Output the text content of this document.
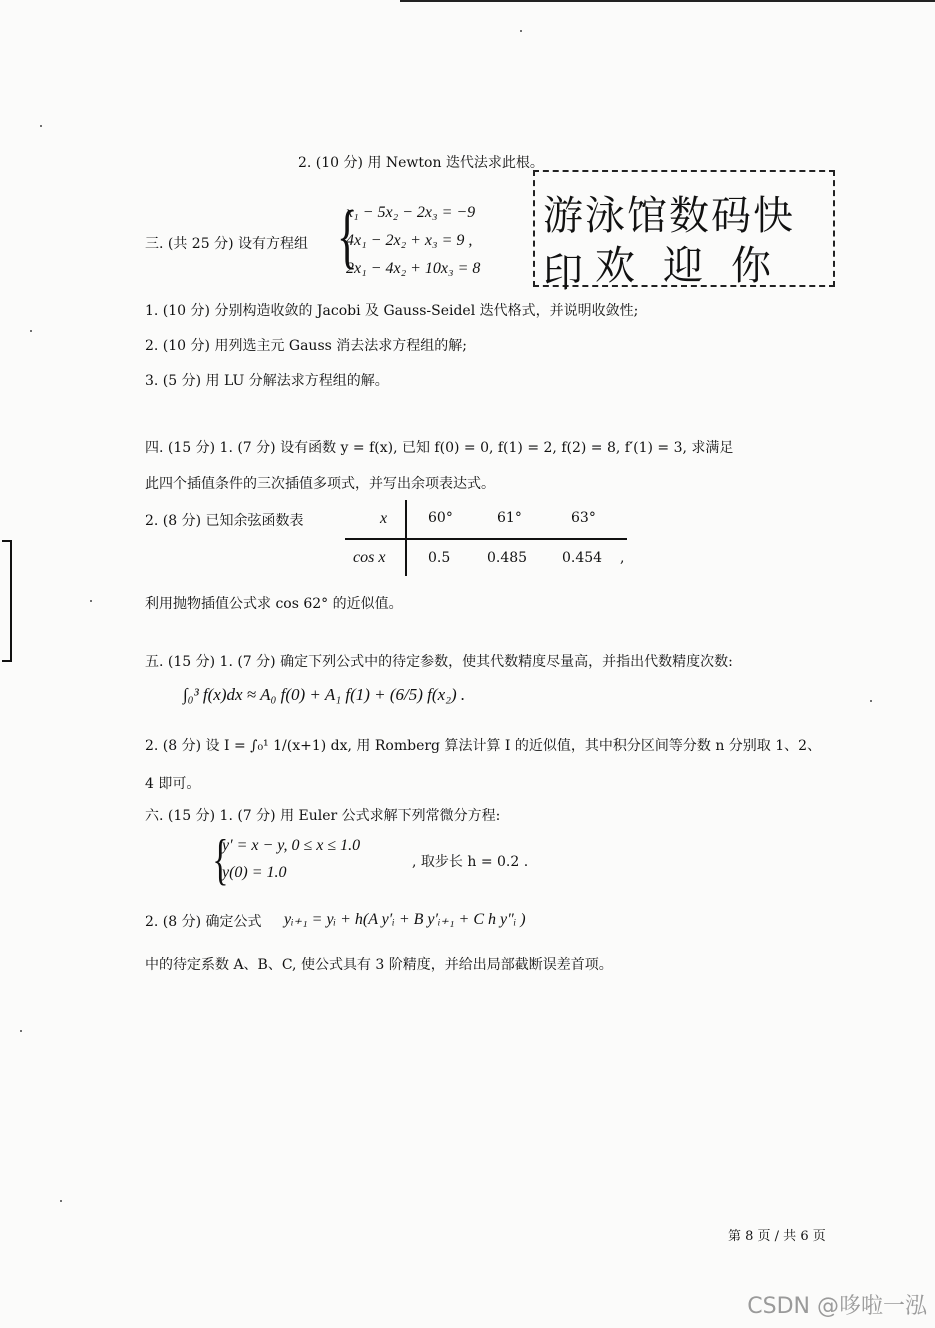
2. (10 分) 用 Newton 迭代法求此根。
游泳馆数码快印 欢迎你
三. (共 25 分) 设有方程组 {
x₁ − 5x₂ − 2x₃ = −9
4x₁ − 2x₂ + x₃ = 9 ,
2x₁ − 4x₂ + 10x₃ = 8
1. (10 分) 分别构造收敛的 Jacobi 及 Gauss-Seidel 迭代格式，并说明收敛性;
2. (10 分) 用列选主元 Gauss 消去法求方程组的解;
3. (5 分) 用 LU 分解法求方程组的解。
四. (15 分) 1. (7 分) 设有函数 y = f(x), 已知 f(0) = 0, f(1) = 2, f(2) = 8, f′(1) = 3, 求满足
此四个插值条件的三次插值多项式，并写出余项表达式。
2. (8 分) 已知余弦函数表	x	60°	61°	63°
cos x	0.5	0.485 0.454 ,
利用抛物插值公式求 cos 62° 的近似值。
五. (15 分) 1. (7 分) 确定下列公式中的待定参数，使其代数精度尽量高，并指出代数精度次数:
∫₀³ f(x)dx ≈ A₀ f(0) + A₁ f(1) + (6/5) f(x₂) .
2. (8 分) 设 I = ∫₀¹ 1/(x+1) dx, 用 Romberg 算法计算 I 的近似值，其中积分区间等分数 n 分别取 1、2、
4 即可。
六. (15 分) 1. (7 分) 用 Euler 公式求解下列常微分方程:
{
y′ = x − y, 0 ≤ x ≤ 1.0
y(0) = 1.0
, 取步长 h = 0.2 .
2. (8 分) 确定公式 yᵢ₊₁ = yᵢ + h(A y′ᵢ + B y′ᵢ₊₁ + C h y″ᵢ )
中的待定系数 A、B、C, 使公式具有 3 阶精度，并给出局部截断误差首项。
第 8 页 / 共 6 页
CSDN @哆啦一泓
